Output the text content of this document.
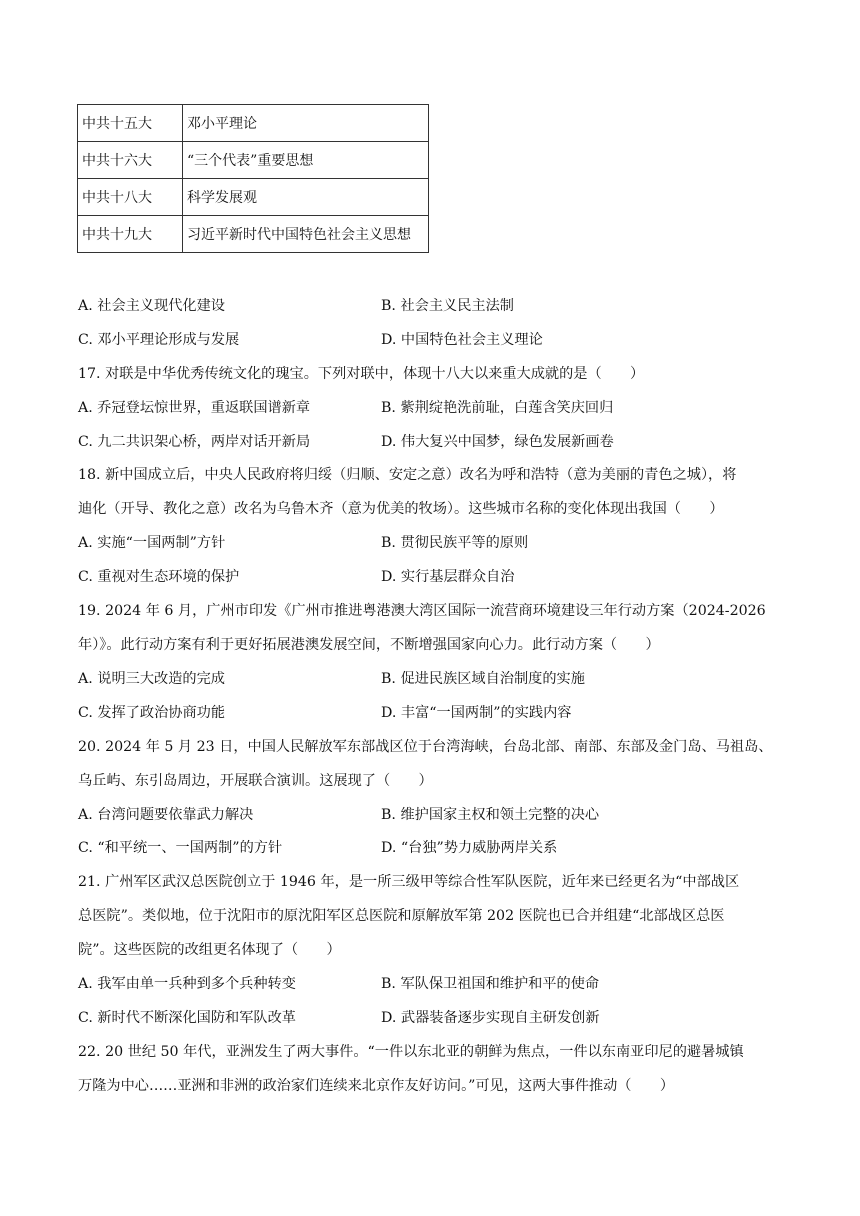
中共十五大	邓小平理论
中共十六大	“三个代表”重要思想
中共十八大	科学发展观
中共十九大	习近平新时代中国特色社会主义思想
A. 社会主义现代化建设	B. 社会主义民主法制
C. 邓小平理论形成与发展	D. 中国特色社会主义理论
17. 对联是中华优秀传统文化的瑰宝。下列对联中，体现十八大以来重大成就的是（　　）
A. 乔冠登坛惊世界，重返联国谱新章	B. 紫荆绽艳洗前耻，白莲含笑庆回归
C. 九二共识架心桥，两岸对话开新局	D. 伟大复兴中国梦，绿色发展新画卷
18. 新中国成立后，中央人民政府将归绥（归顺、安定之意）改名为呼和浩特（意为美丽的青色之城），将
迪化（开导、教化之意）改名为乌鲁木齐（意为优美的牧场）。这些城市名称的变化体现出我国（　　）
A. 实施“一国两制”方针	B. 贯彻民族平等的原则
C. 重视对生态环境的保护	D. 实行基层群众自治
19. 2024 年 6 月，广州市印发《广州市推进粤港澳大湾区国际一流营商环境建设三年行动方案（2024-2026
年）》。此行动方案有利于更好拓展港澳发展空间，不断增强国家向心力。此行动方案（　　）
A. 说明三大改造的完成	B. 促进民族区域自治制度的实施
C. 发挥了政治协商功能	D. 丰富“一国两制”的实践内容
20. 2024 年 5 月 23 日，中国人民解放军东部战区位于台湾海峡，台岛北部、南部、东部及金门岛、马祖岛、
乌丘屿、东引岛周边，开展联合演训。这展现了（　　）
A. 台湾问题要依靠武力解决	B. 维护国家主权和领土完整的决心
C. “和平统一、一国两制”的方针	D. “台独”势力威胁两岸关系
21. 广州军区武汉总医院创立于 1946 年，是一所三级甲等综合性军队医院，近年来已经更名为“中部战区
总医院”。类似地，位于沈阳市的原沈阳军区总医院和原解放军第 202 医院也已合并组建“北部战区总医
院”。这些医院的改组更名体现了（　　）
A. 我军由单一兵种到多个兵种转变	B. 军队保卫祖国和维护和平的使命
C. 新时代不断深化国防和军队改革	D. 武器装备逐步实现自主研发创新
22. 20 世纪 50 年代，亚洲发生了两大事件。“一件以东北亚的朝鲜为焦点，一件以东南亚印尼的避暑城镇
万隆为中心……亚洲和非洲的政治家们连续来北京作友好访问。”可见，这两大事件推动（　　）
